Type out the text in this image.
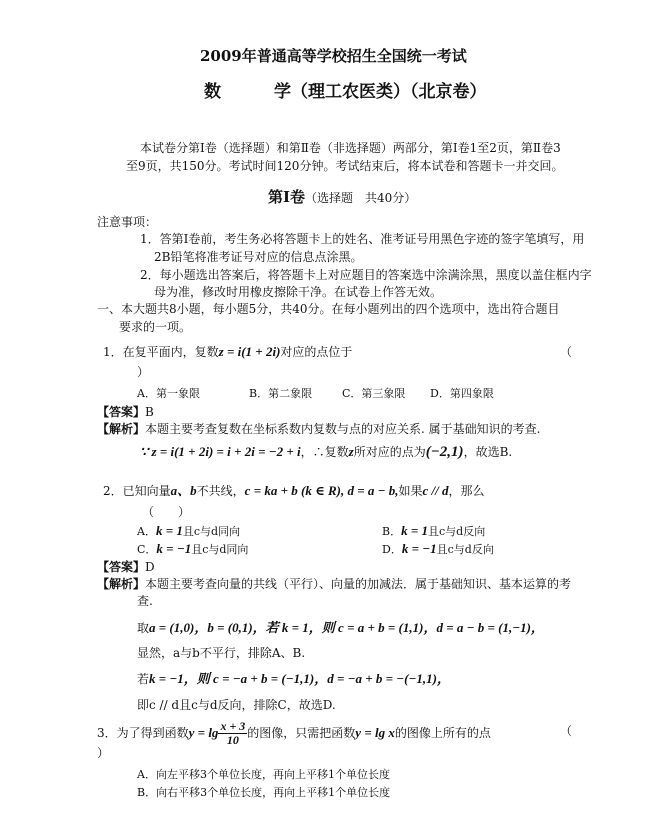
2009年普通高等学校招生全国统一考试
数	学（理工农医类）（北京卷）
本试卷分第Ⅰ卷（选择题）和第Ⅱ卷（非选择题）两部分，第Ⅰ卷1至2页，第Ⅱ卷3
至9页，共150分。考试时间120分钟。考试结束后，将本试卷和答题卡一并交回。
第Ⅰ卷（选择题　共40分）
注意事项：
1．答第Ⅰ卷前，考生务必将答题卡上的姓名、准考证号用黑色字迹的签字笔填写，用
2B铅笔将准考证号对应的信息点涂黑。
2．每小题选出答案后，将答题卡上对应题目的答案选中涂满涂黑，黑度以盖住框内字
母为准，修改时用橡皮擦除干净。在试卷上作答无效。
一、本大题共8小题，每小题5分，共40分。在每小题列出的四个选项中，选出符合题目
要求的一项。
1．在复平面内，复数z = i(1 + 2i)对应的点位于	（
）
A．第一象限	B．第二象限	C．第三象限 D．第四象限
【答案】B
【解析】本题主要考查复数在坐标系数内复数与点的对应关系. 属于基础知识的考查.
∵ z = i(1 + 2i) = i + 2i = −2 + i，∴复数z所对应的点为(−2,1)，故选B.
2．已知向量a、b不共线，c = ka + b (k ∈ R), d = a − b,如果c // d，那么
（　　）
A．k = 1且c与d同向	B．k = 1且c与d反向
C．k = −1且c与d同向	D．k = −1且c与d反向
【答案】D
【解析】本题主要考查向量的共线（平行）、向量的加减法．属于基础知识、基本运算的考
查.
取a = (1,0)，b = (0,1)，若 k = 1，则 c = a + b = (1,1)，d = a − b = (1,−1)，
显然，a与b不平行，排除A、B.
若k = −1，则 c = −a + b = (−1,1)，d = −a + b = −(−1,1)，
即c // d且c与d反向，排除C，故选D.
3．为了得到函数$y = \lg \frac{x + 3}{10}$ 的图像，只需把函数y = lg x的图像上所有的点	（
）
A．向左平移3个单位长度，再向上平移1个单位长度
B．向右平移3个单位长度，再向上平移1个单位长度
